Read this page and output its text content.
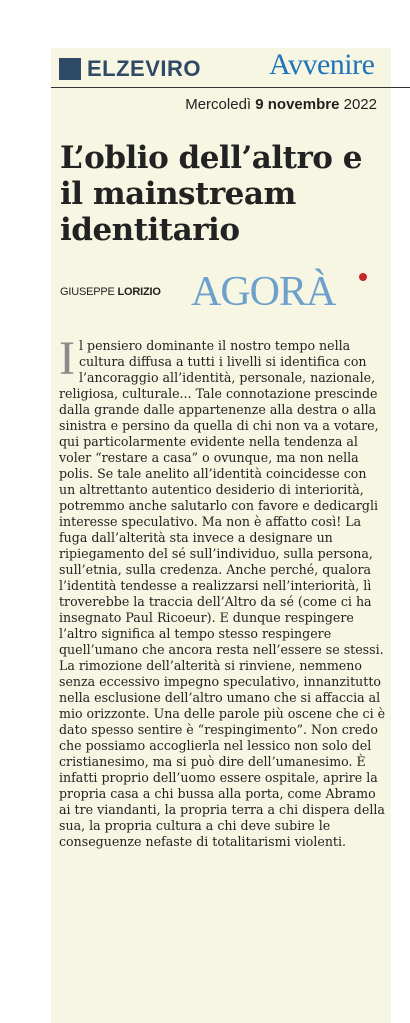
ELZEVIRO Avvenire
Mercoledì 9 novembre 2022
L’oblio dell’altro e il mainstream identitario
GIUSEPPE LORIZIO AGORÀ

Il pensiero dominante il nostro tempo nella cultura diffusa a tutti i livelli si identifica con l’ancoraggio all’identità, personale, nazionale, religiosa, culturale... Tale connotazione prescinde dalla grande dalle appartenenze alla destra o alla sinistra e persino da quella di chi non va a votare, qui particolarmente evidente nella tendenza al voler “restare a casa” o ovunque, ma non nella polis. Se tale anelito all’identità coincidesse con un altrettanto autentico desiderio di interiorità, potremmo anche salutarlo con favore e dedicargli interesse speculativo. Ma non è affatto così! La fuga dall’alterità sta invece a designare un ripiegamento del sé sull’individuo, sulla persona, sull’etnia, sulla credenza. Anche perché, qualora l’identità tendesse a realizzarsi nell’interiorità, lì troverebbe la traccia dell’Altro da sé (come ci ha insegnato Paul Ricoeur). E dunque respingere l’altro significa al tempo stesso respingere quell’umano che ancora resta nell’essere se stessi. La rimozione dell’alterità si rinviene, nemmeno senza eccessivo impegno speculativo, innanzitutto nella esclusione dell’altro umano che si affaccia al mio orizzonte. Una delle parole più oscene che ci è dato spesso sentire è “respingimento”. Non credo che possiamo accoglierla nel lessico non solo del cristianesimo, ma si può dire dell’umanesimo. È infatti proprio dell’uomo essere ospitale, aprire la propria casa a chi bussa alla porta, come Abramo ai tre viandanti, la propria terra a chi dispera della sua, la propria cultura a chi deve subire le conseguenze nefaste di totalitarismi violenti.
